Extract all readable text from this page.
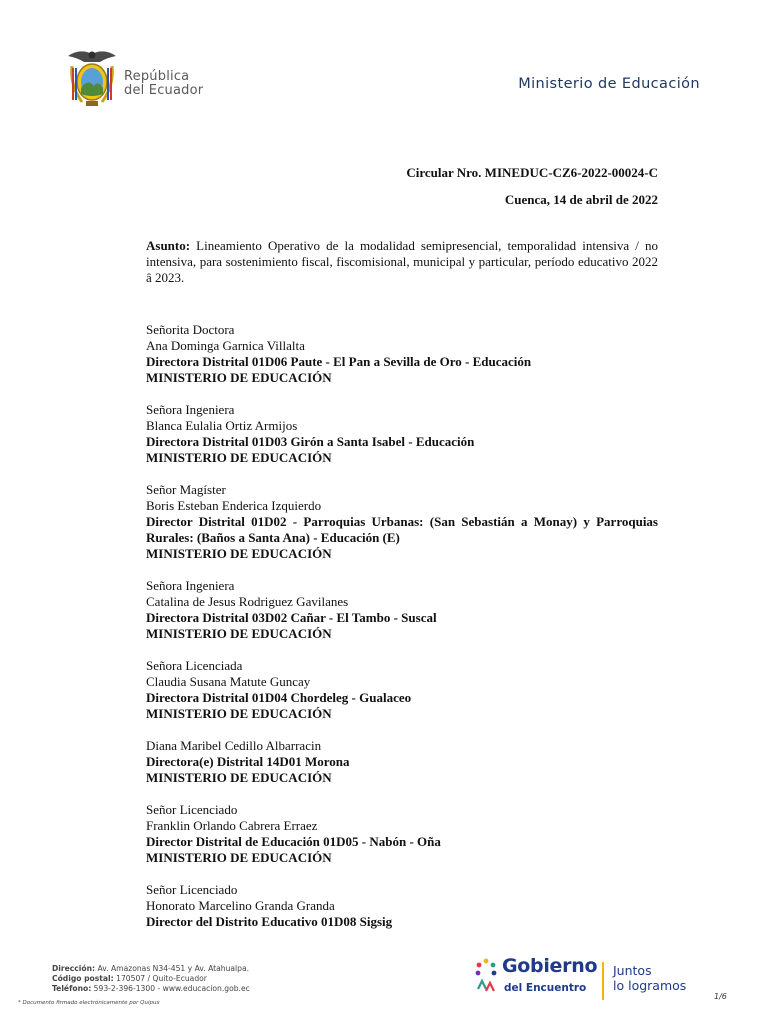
República
del Ecuador	Ministerio de Educación
Circular Nro. MINEDUC-CZ6-2022-00024-C
Cuenca, 14 de abril de 2022
Asunto: Lineamiento Operativo de la modalidad semipresencial, temporalidad intensiva / no intensiva, para sostenimiento fiscal, fiscomisional, municipal y particular, período educativo 2022 â 2023.
Señorita Doctora
Ana Dominga Garnica Villalta
Directora Distrital 01D06 Paute - El Pan a Sevilla de Oro - Educación
MINISTERIO DE EDUCACIÓN
Señora Ingeniera
Blanca Eulalia Ortiz Armijos
Directora Distrital 01D03 Girón a Santa Isabel - Educación
MINISTERIO DE EDUCACIÓN
Señor Magíster
Boris Esteban Enderica Izquierdo
Director Distrital 01D02 - Parroquias Urbanas: (San Sebastián a Monay) y Parroquias Rurales: (Baños a Santa Ana) - Educación (E)
MINISTERIO DE EDUCACIÓN
Señora Ingeniera
Catalina de Jesus Rodriguez Gavilanes
Directora Distrital 03D02 Cañar - El Tambo - Suscal
MINISTERIO DE EDUCACIÓN
Señora Licenciada
Claudia Susana Matute Guncay
Directora Distrital 01D04 Chordeleg - Gualaceo
MINISTERIO DE EDUCACIÓN
Diana Maribel Cedillo Albarracin
Directora(e) Distrital 14D01 Morona
MINISTERIO DE EDUCACIÓN
Señor Licenciado
Franklin Orlando Cabrera Erraez
Director Distrital de Educación 01D05 - Nabón - Oña
MINISTERIO DE EDUCACIÓN
Señor Licenciado
Honorato Marcelino Granda Granda
Director del Distrito Educativo 01D08 Sigsig
Dirección: Av. Amazonas N34-451 y Av. Atahualpa.
Código postal: 170507 / Quito-Ecuador
Teléfono: 593-2-396-1300 - www.educacion.gob.ec
* Documento firmado electrónicamente por Quipux
Gobierno
del Encuentro
Juntos
lo logramos
1/6
